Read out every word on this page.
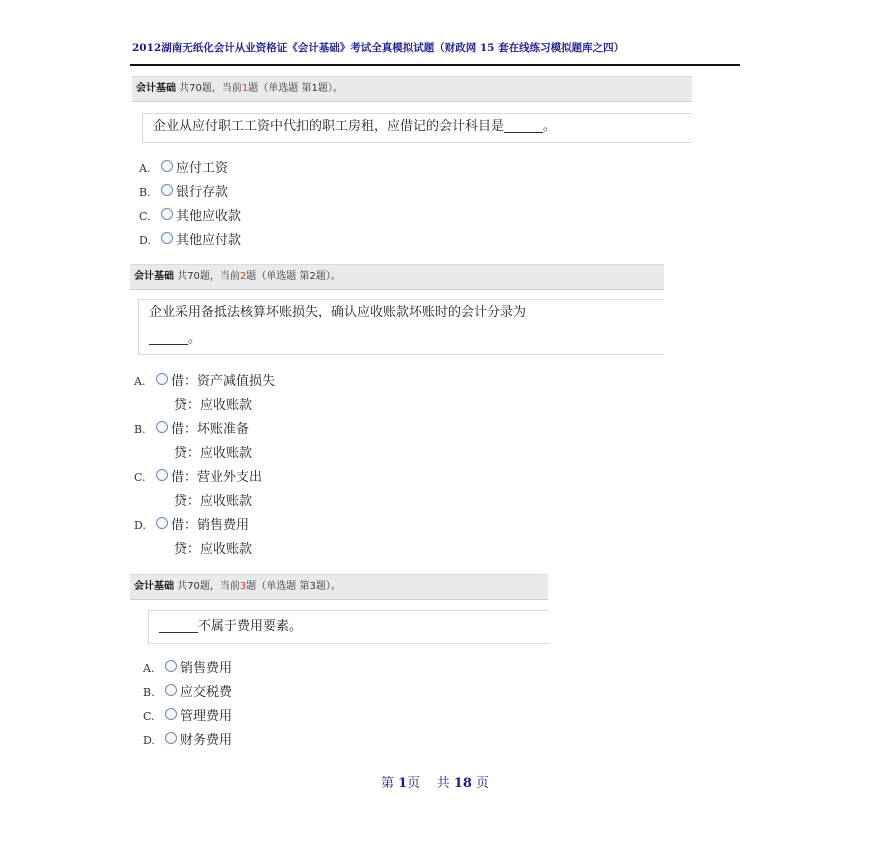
2012湖南无纸化会计从业资格证《会计基础》考试全真模拟试题（财政网 15 套在线练习模拟题库之四）
会计基础 共70题，当前1题（单选题 第1题）。
企业从应付职工工资中代扣的职工房租，应借记的会计科目是______。
A. 应付工资
B. 银行存款
C. 其他应收款
D. 其他应付款
会计基础 共70题，当前2题（单选题 第2题）。
企业采用备抵法核算坏账损失，确认应收账款坏账时的会计分录为
______。
A. 借：资产减值损失
贷：应收账款
B. 借：坏账准备
贷：应收账款
C. 借：营业外支出
贷：应收账款
D. 借：销售费用
贷：应收账款
会计基础 共70题，当前3题（单选题 第3题）。
______不属于费用要素。
A. 销售费用
B. 应交税费
C. 管理费用
D. 财务费用
第 1页 共 18 页
